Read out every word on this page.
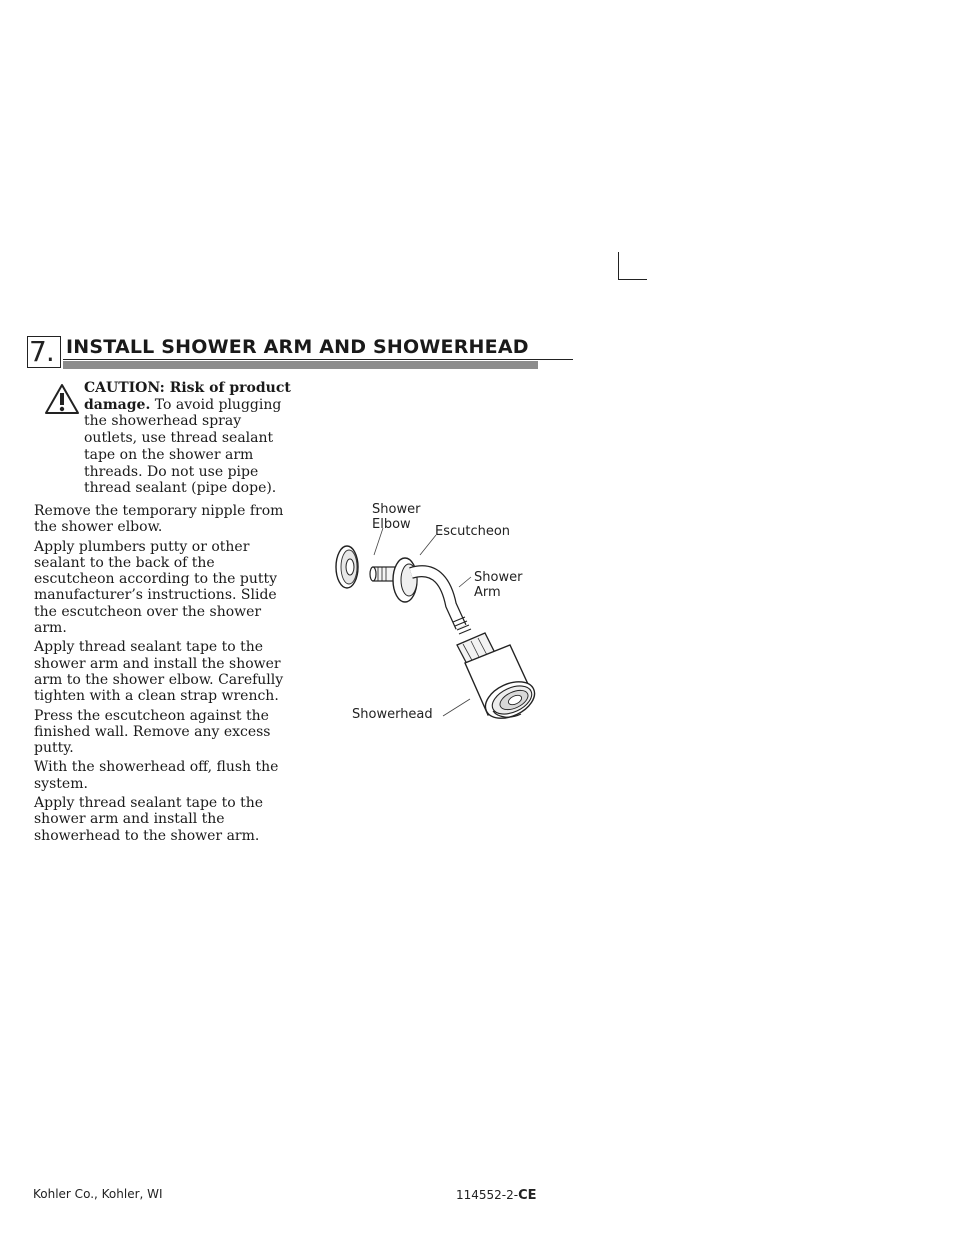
7. INSTALL SHOWER ARM AND SHOWERHEAD

CAUTION: Risk of product damage. To avoid plugging the showerhead spray outlets, use thread sealant tape on the shower arm threads. Do not use pipe thread sealant (pipe dope).

Remove the temporary nipple from the shower elbow.

Apply plumbers putty or other sealant to the back of the escutcheon according to the putty manufacturer’s instructions. Slide the escutcheon over the shower arm.

Apply thread sealant tape to the shower arm and install the shower arm to the shower elbow. Carefully tighten with a clean strap wrench.

Press the escutcheon against the finished wall. Remove any excess putty.

With the showerhead off, flush the system.

Apply thread sealant tape to the shower arm and install the showerhead to the shower arm.

Shower
Elbow	Escutcheon
Shower
Arm
Showerhead
Kohler Co., Kohler, WI	114552-2-CE
